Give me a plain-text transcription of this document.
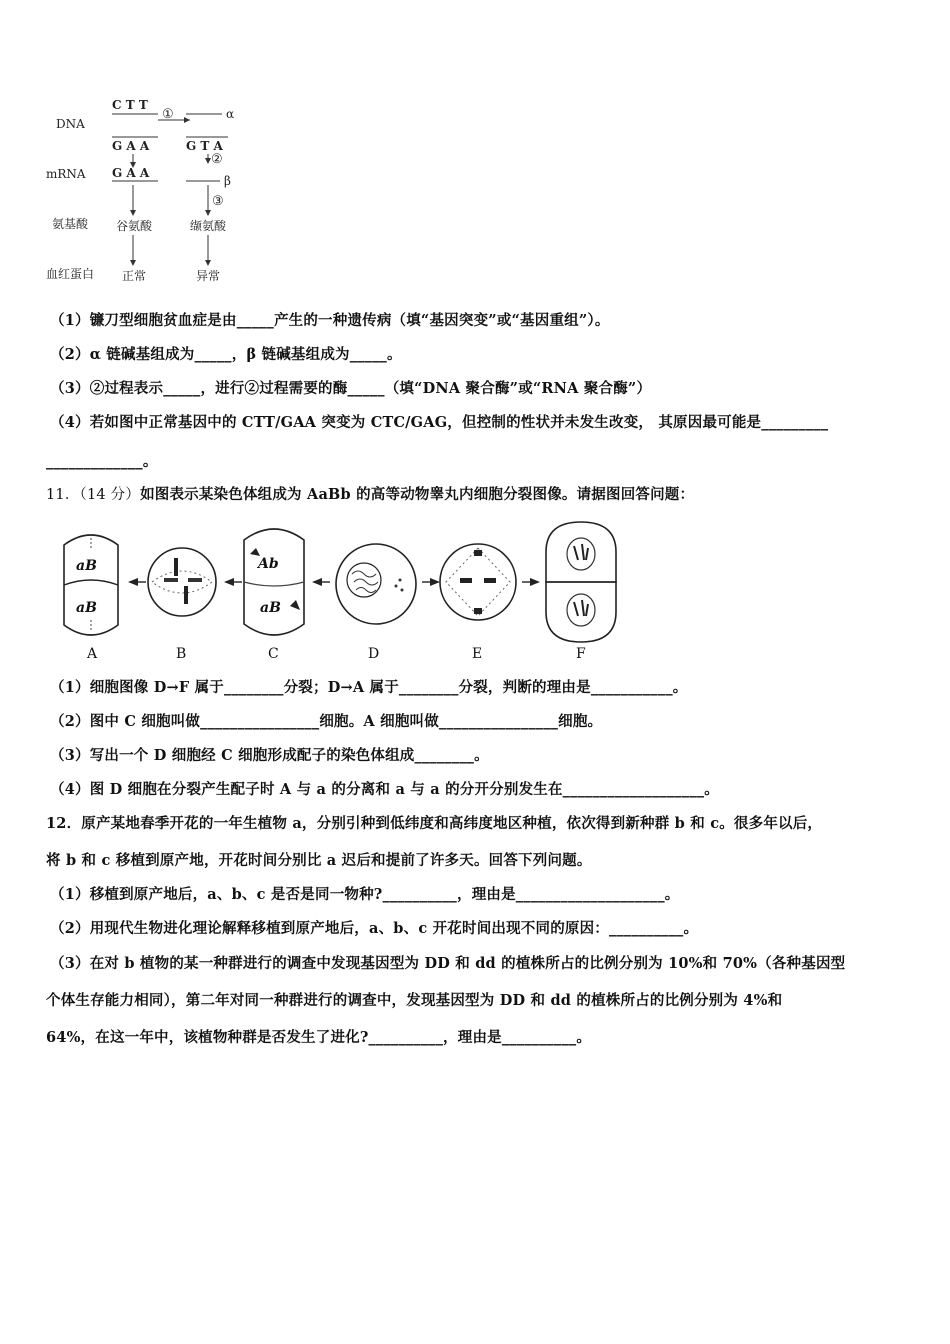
DNA
mRNA
氨基酸
血红蛋白
C T T
G A A
①	α
G T A
G A A
②
β
谷氨酸
③
缬氨酸
正常	异常
（1）镰刀型细胞贫血症是由_____产生的一种遗传病（填“基因突变”或“基因重组”）。
（2）α 链碱基组成为_____，β 链碱基组成为_____。
（3）②过程表示_____，进行②过程需要的酶_____（填“DNA 聚合酶”或“RNA 聚合酶”）
（4）若如图中正常基因中的 CTT/GAA 突变为 CTC/GAG，但控制的性状并未发生改变， 其原因最可能是_________
_____________。
11．（14 分）如图表示某染色体组成为 AaBb 的高等动物睾丸内细胞分裂图像。请据图回答问题：
aB
aB
A	B
Ab
aB
C	D	E	F
（1）细胞图像 D→F 属于________分裂；D→A 属于________分裂，判断的理由是___________。
（2）图中 C 细胞叫做________________细胞。A 细胞叫做________________细胞。
（3）写出一个 D 细胞经 C 细胞形成配子的染色体组成________。
（4）图 D 细胞在分裂产生配子时 A 与 a 的分离和 a 与 a 的分开分别发生在___________________。
12．原产某地春季开花的一年生植物 a，分别引种到低纬度和高纬度地区种植，依次得到新种群 b 和 c。很多年以后，
将 b 和 c 移植到原产地，开花时间分别比 a 迟后和提前了许多天。回答下列问题。
（1）移植到原产地后，a、b、c 是否是同一物种?__________，理由是____________________。
（2）用现代生物进化理论解释移植到原产地后，a、b、c 开花时间出现不同的原因：__________。
（3）在对 b 植物的某一种群进行的调查中发现基因型为 DD 和 dd 的植株所占的比例分别为 10%和 70%（各种基因型
个体生存能力相同），第二年对同一种群进行的调查中，发现基因型为 DD 和 dd 的植株所占的比例分别为 4%和
64%，在这一年中，该植物种群是否发生了进化?__________，理由是__________。
